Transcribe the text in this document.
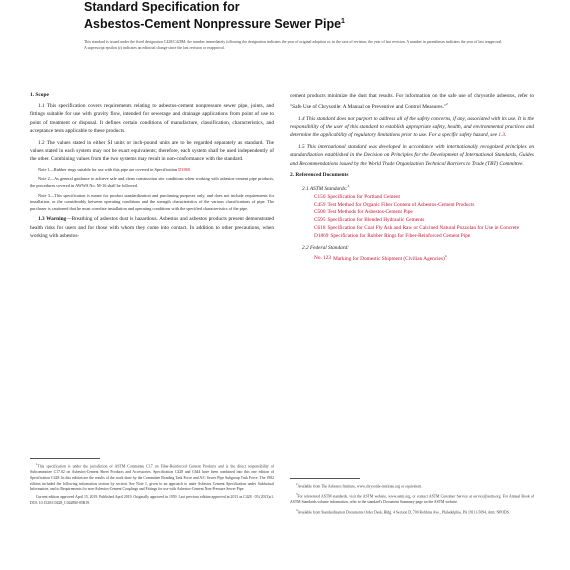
Standard Specification for
Asbestos-Cement Nonpressure Sewer Pipe$^1$
This standard is issued under the fixed designation C428/C428M; the number immediately following the designation indicates the year of original adoption or, in the case of revision, the year of last revision. A number in parentheses indicates the year of last reapproval. A superscript epsilon (ε) indicates an editorial change since the last revision or reapproval.
1. Scope

1.1 This specification covers requirements relating to asbestos-cement nonpressure sewer pipe, joints, and fittings suitable for use with gravity flow, intended for sewerage and drainage applications from point of use to point of treatment or disposal. It defines certain conditions of manufacture, classification, characteristics, and acceptance tests applicable to these products.

1.2 The values stated in either SI units or inch-pound units are to be regarded separately as standard. The values stated in each system may not be exact equivalents; therefore, each system shall be used independently of the other. Combining values from the two systems may result in non-conformance with the standard.

Note 1—Rubber rings suitable for use with this pipe are covered in Specification D1869.

Note 2—As general guidance to achieve safe and clean construction site conditions when working with asbestos-cement pipe products, the procedures covered in AWWA No. M-16 shall be followed.

Note 3—This specification is meant for product standardization and purchasing purposes only, and does not include requirements for installation, or the considerably between operating conditions and the strength characteristics of the various classifications of pipe. The purchaser is cautioned that he must correlate installation and operating conditions with the specified characteristics of the pipe.

1.3 Warning—Breathing of asbestos dust is hazardous. Asbestos and asbestos products present demonstrated health risks for users and for those with whom they come into contact. In addition to other precautions, when working with asbestos-

cement products minimize the dust that results. For information on the safe use of chrysotile asbestos, refer to "Safe Use of Chrysotile: A Manual on Preventive and Control Measures."$^2$

1.4 This standard does not purport to address all of the safety concerns, if any, associated with its use. It is the responsibility of the user of this standard to establish appropriate safety, health, and environmental practices and determine the applicability of regulatory limitations prior to use. For a specific safety hazard, see 1.3.

1.5 This international standard was developed in accordance with internationally recognized principles on standardization established in the Decision on Principles for the Development of International Standards, Guides and Recommendations issued by the World Trade Organization Technical Barriers to Trade (TBT) Committee.

2. Referenced Documents
2.1 ASTM Standards:$^3$
C150 Specification for Portland Cement
C459 Test Method for Organic Fiber Content of Asbestos-Cement Products
C500 Test Methods for Asbestos-Cement Pipe
C595 Specification for Blended Hydraulic Cements
C618 Specification for Coal Fly Ash and Raw or Calcined Natural Pozzolan for Use in Concrete
D1869 Specification for Rubber Rings for Fiber-Reinforced Cement Pipe
2.2 Federal Standard:
No. 123 Marking for Domestic Shipment (Civilian Agencies)$^4$

$^1$This specification is under the jurisdiction of ASTM Committee C17 on Fiber-Reinforced Cement Products and is the direct responsibility of Subcommittee C17.02 on Asbestos-Cement Sheet Products and Accessories. Specification C428 and C644 have been combined into this one edition of Specification C428. In this edition are the results of the work done by the Committee Bonding Task Force and A/C Sewer Pipe Subgroup Task Force. The 1982 edition included the following information section by section. See Note 1, given to an approach to unite Asbestos Cement Specification under Subfactual Information, and to Requirements for non-Asbestos-Cement Couplings and Fittings for use with Asbestos-Cement Non-Pressure Sewer Pipe.

Current edition approved April 15, 2019. Published April 2019. Originally approved in 1959. Last previous edition approved in 2013 as C428 - 05 (2013)ε1. DOI: 10.1520/C0428_C0428M-05R19.

$^2$Available from The Asbestos Institute, www.chrysotile-institute.org or equivalent.

$^3$For referenced ASTM standards, visit the ASTM website, www.astm.org, or contact ASTM Customer Service at service@astm.org. For Annual Book of ASTM Standards volume information, refer to the standard's Document Summary page on the ASTM website.

$^4$Available from Standardization Documents Order Desk, Bldg. 4 Section D, 700 Robbins Ave., Philadelphia, PA 19111-5094, Attn: NPODS.
